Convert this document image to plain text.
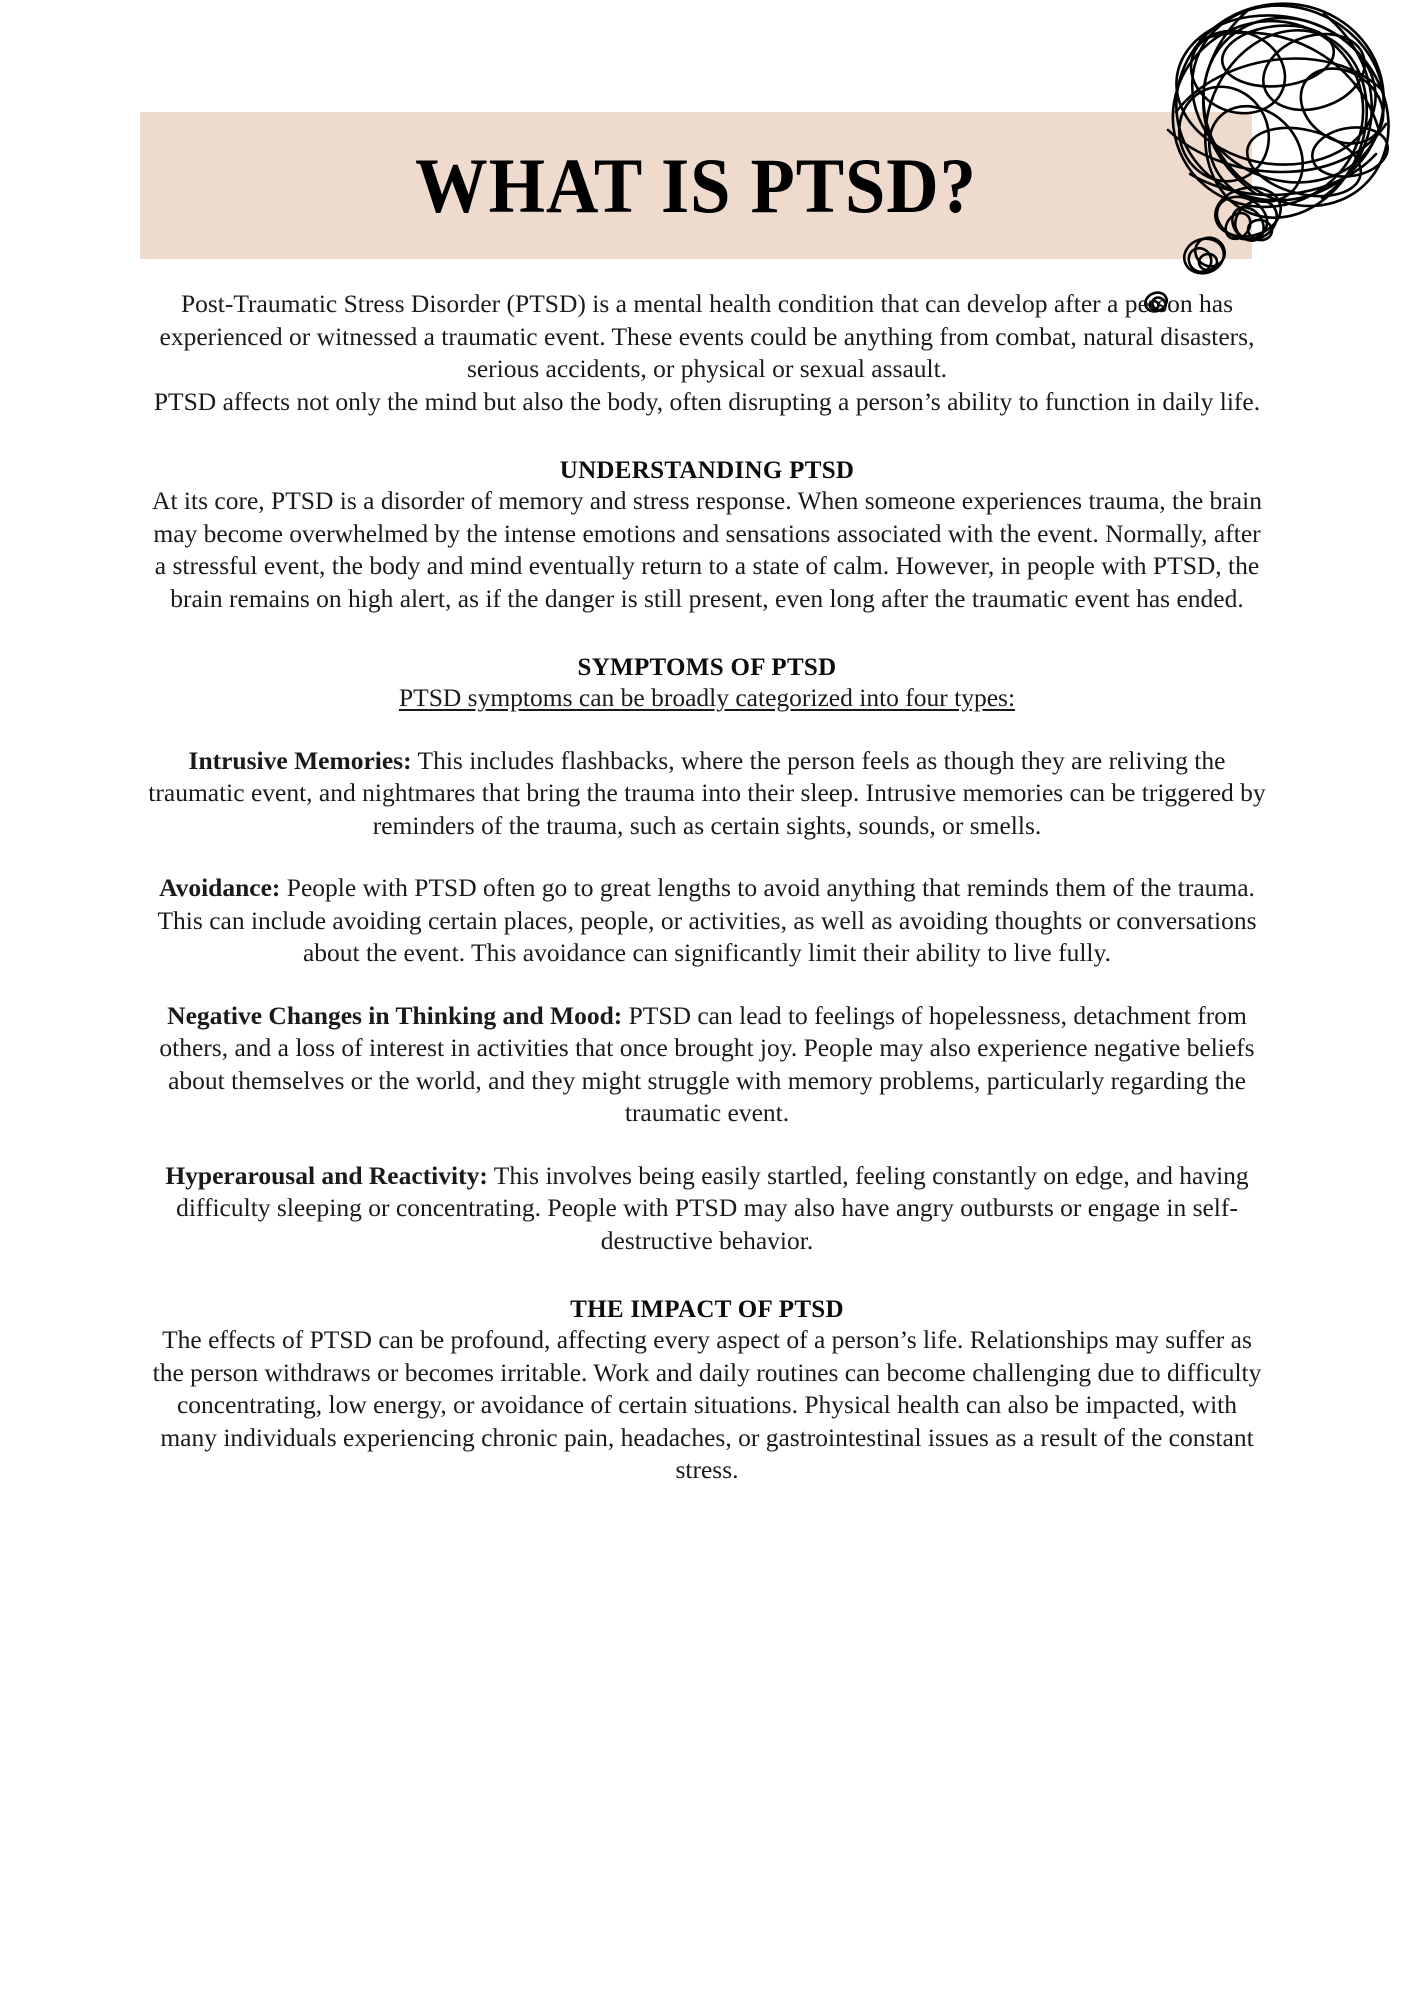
WHAT IS PTSD?

Post-Traumatic Stress Disorder (PTSD) is a mental health condition that can develop after a person has experienced or witnessed a traumatic event. These events could be anything from combat, natural disasters, serious accidents, or physical or sexual assault.

PTSD affects not only the mind but also the body, often disrupting a person’s ability to function in daily life.

UNDERSTANDING PTSD

At its core, PTSD is a disorder of memory and stress response. When someone experiences trauma, the brain may become overwhelmed by the intense emotions and sensations associated with the event. Normally, after a stressful event, the body and mind eventually return to a state of calm. However, in people with PTSD, the brain remains on high alert, as if the danger is still present, even long after the traumatic event has ended.

SYMPTOMS OF PTSD

PTSD symptoms can be broadly categorized into four types:

Intrusive Memories: This includes flashbacks, where the person feels as though they are reliving the traumatic event, and nightmares that bring the trauma into their sleep. Intrusive memories can be triggered by reminders of the trauma, such as certain sights, sounds, or smells.

Avoidance: People with PTSD often go to great lengths to avoid anything that reminds them of the trauma. This can include avoiding certain places, people, or activities, as well as avoiding thoughts or conversations about the event. This avoidance can significantly limit their ability to live fully.

Negative Changes in Thinking and Mood: PTSD can lead to feelings of hopelessness, detachment from others, and a loss of interest in activities that once brought joy. People may also experience negative beliefs about themselves or the world, and they might struggle with memory problems, particularly regarding the traumatic event.

Hyperarousal and Reactivity: This involves being easily startled, feeling constantly on edge, and having difficulty sleeping or concentrating. People with PTSD may also have angry outbursts or engage in self-destructive behavior.

THE IMPACT OF PTSD

The effects of PTSD can be profound, affecting every aspect of a person’s life. Relationships may suffer as the person withdraws or becomes irritable. Work and daily routines can become challenging due to difficulty concentrating, low energy, or avoidance of certain situations. Physical health can also be impacted, with many individuals experiencing chronic pain, headaches, or gastrointestinal issues as a result of the constant stress.
